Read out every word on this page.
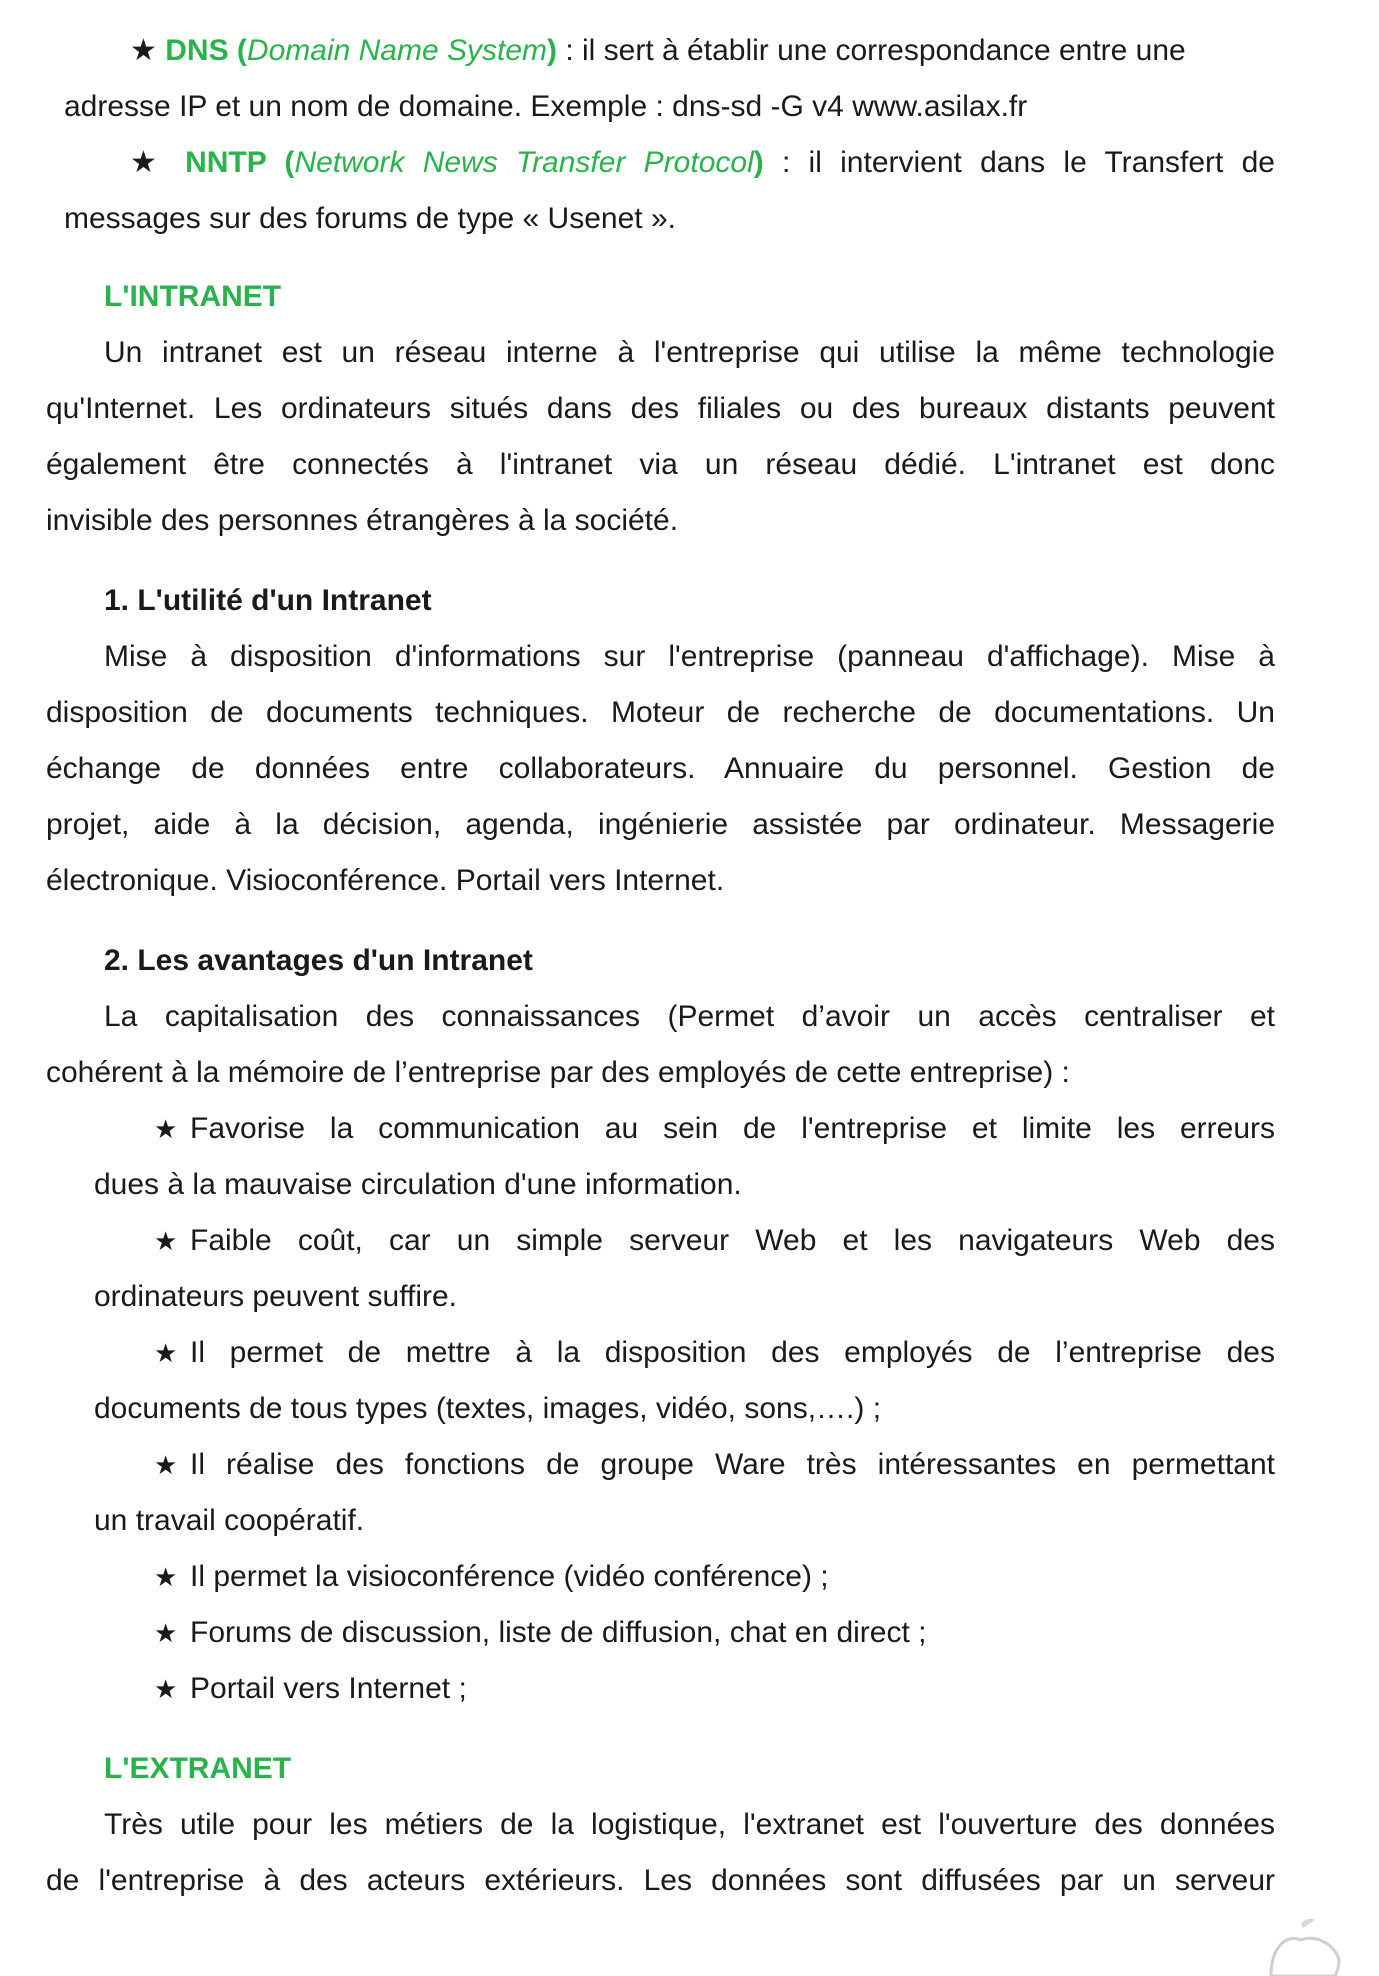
★ DNS (Domain Name System) : il sert à établir une correspondance entre une
adresse IP et un nom de domaine. Exemple : dns-sd -G v4 www.asilax.fr
★ NNTP (Network News Transfer Protocol) : il intervient dans le Transfert de
messages sur des forums de type « Usenet ».
L'INTRANET
Un intranet est un réseau interne à l'entreprise qui utilise la même technologie
qu'Internet. Les ordinateurs situés dans des filiales ou des bureaux distants peuvent
également être connectés à l'intranet via un réseau dédié. L'intranet est donc
invisible des personnes étrangères à la société.
1. L'utilité d'un Intranet
Mise à disposition d'informations sur l'entreprise (panneau d'affichage). Mise à
disposition de documents techniques. Moteur de recherche de documentations. Un
échange de données entre collaborateurs. Annuaire du personnel. Gestion de
projet, aide à la décision, agenda, ingénierie assistée par ordinateur. Messagerie
électronique. Visioconférence. Portail vers Internet.
2. Les avantages d'un Intranet
La capitalisation des connaissances (Permet d’avoir un accès centraliser et
cohérent à la mémoire de l’entreprise par des employés de cette entreprise) :
★ Favorise la communication au sein de l'entreprise et limite les erreurs
dues à la mauvaise circulation d'une information.
★ Faible coût, car un simple serveur Web et les navigateurs Web des
ordinateurs peuvent suffire.
★ Il permet de mettre à la disposition des employés de l’entreprise des
documents de tous types (textes, images, vidéo, sons,….) ;
★ Il réalise des fonctions de groupe Ware très intéressantes en permettant
un travail coopératif.
★ Il permet la visioconférence (vidéo conférence) ;
★ Forums de discussion, liste de diffusion, chat en direct ;
★ Portail vers Internet ;
L'EXTRANET
Très utile pour les métiers de la logistique, l'extranet est l'ouverture des données
de l'entreprise à des acteurs extérieurs. Les données sont diffusées par un serveur
